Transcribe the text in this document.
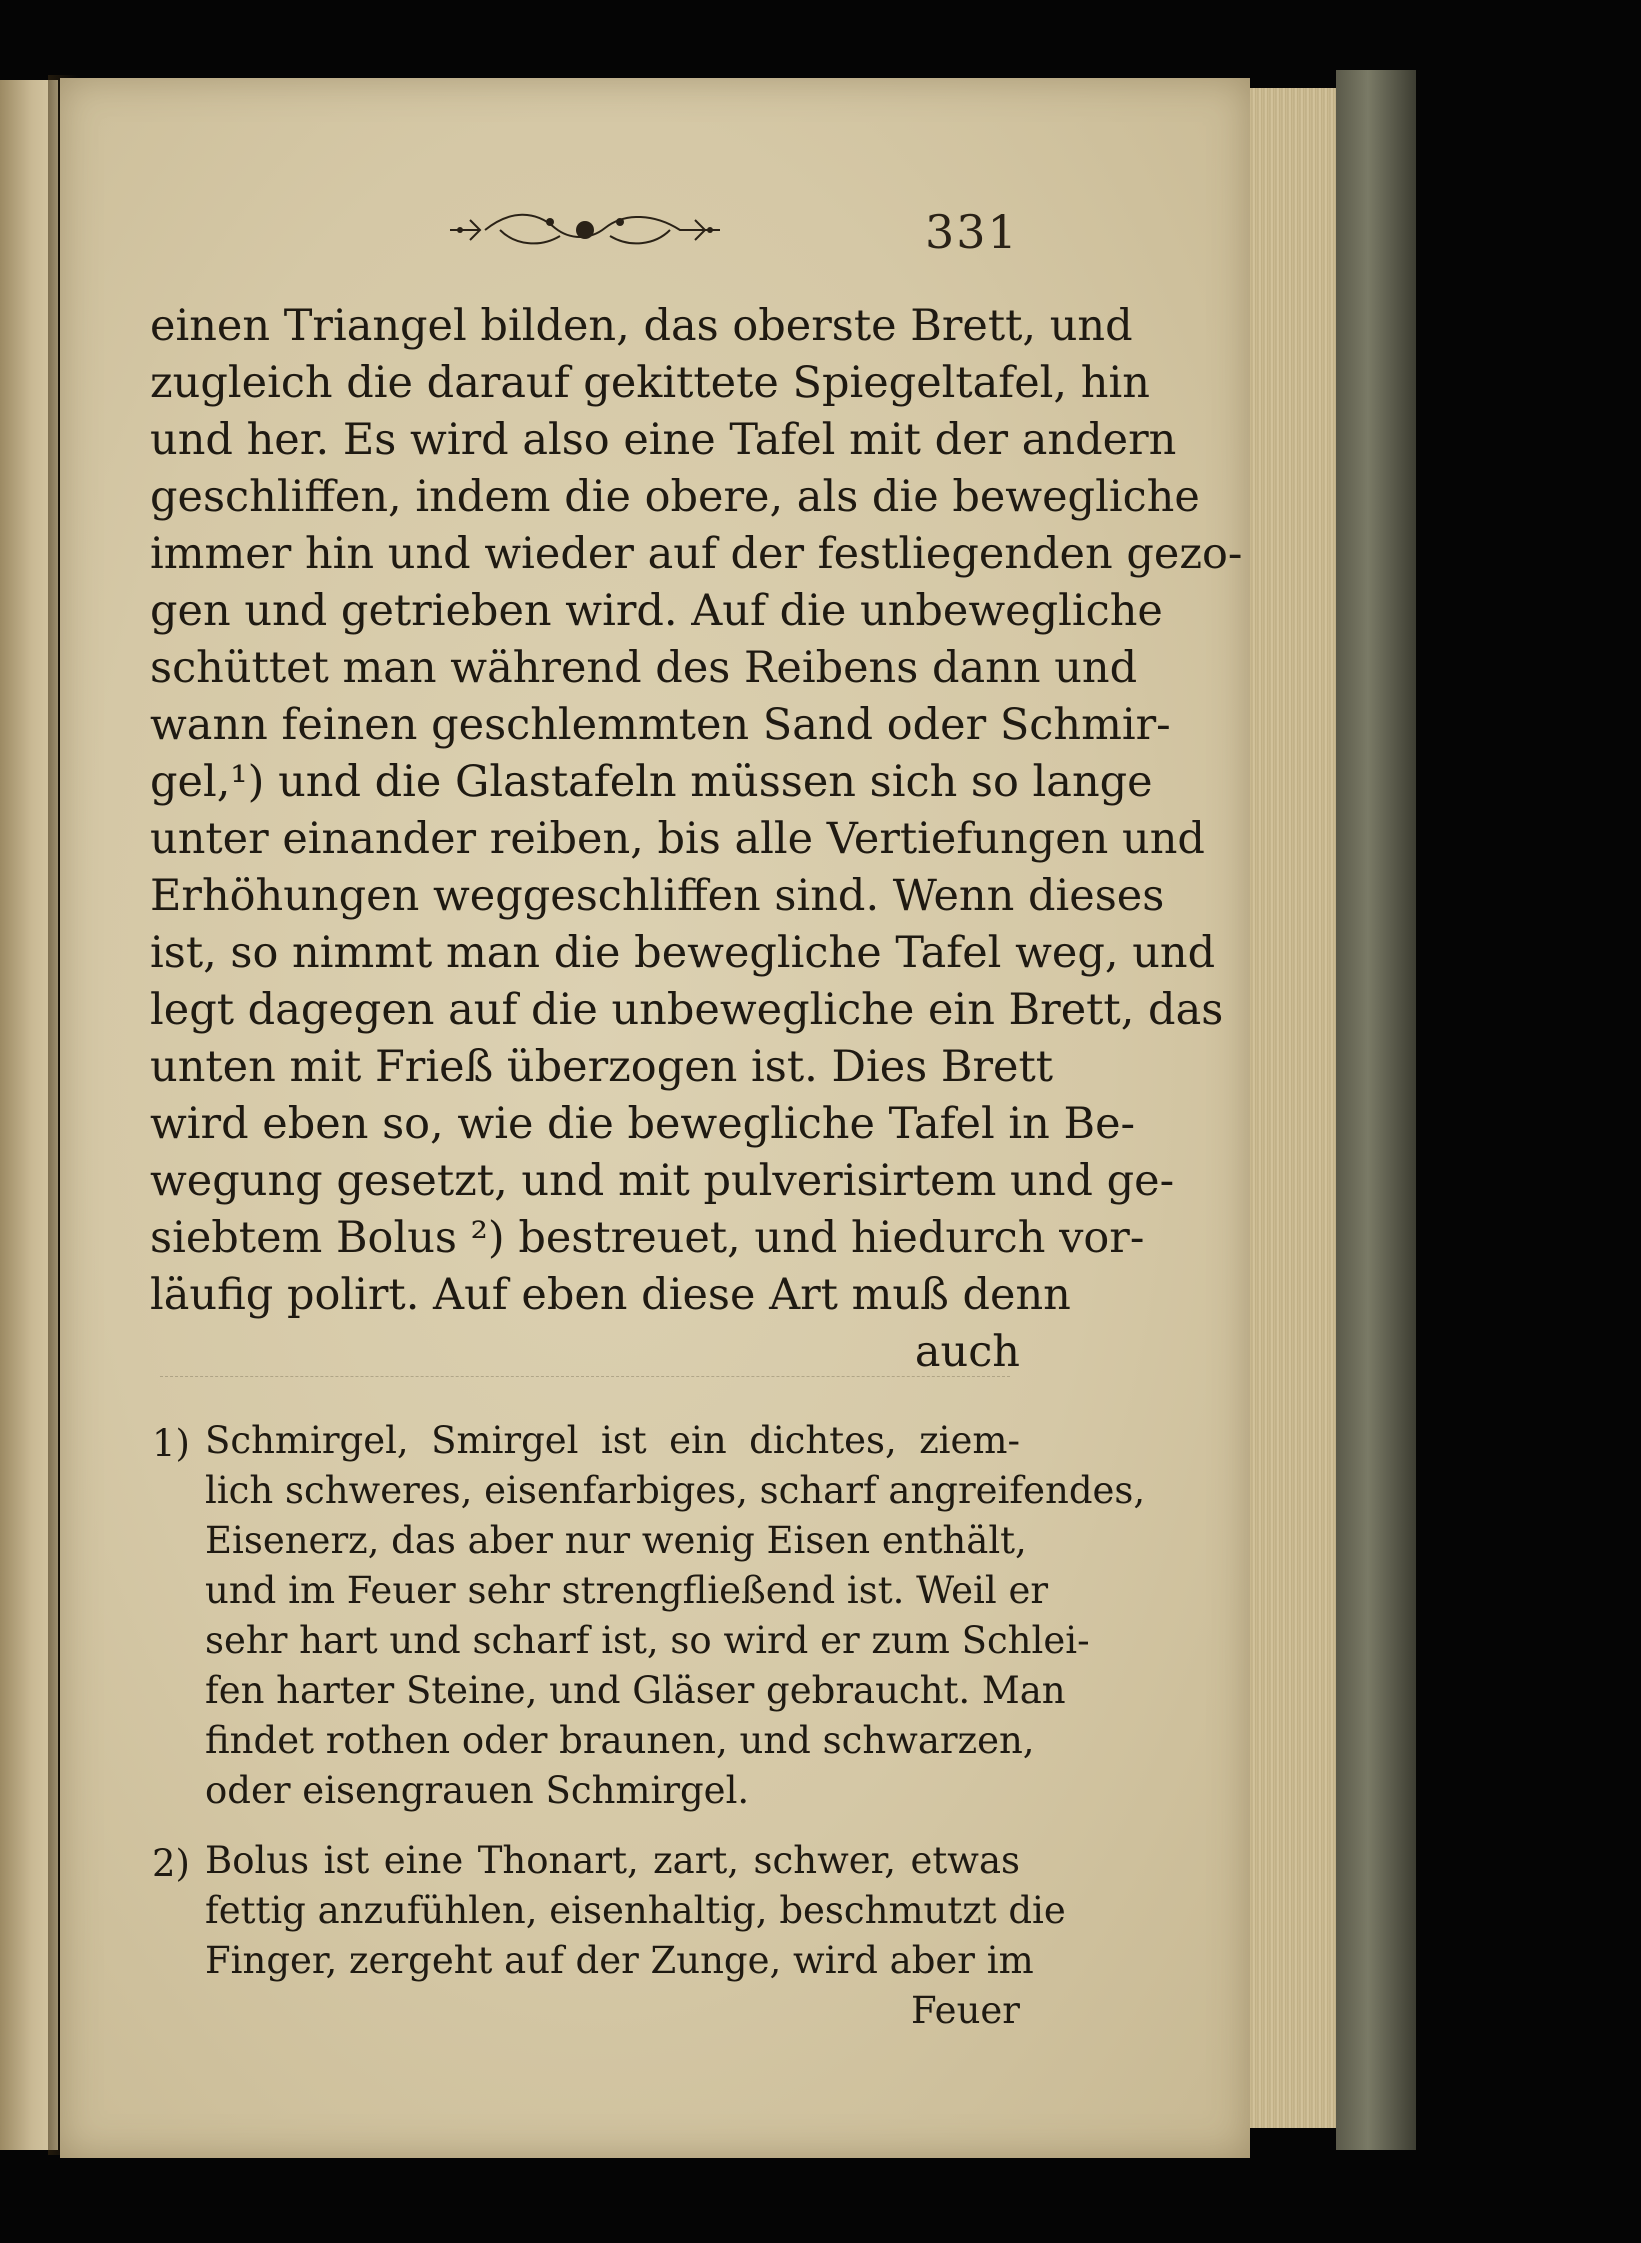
331
einen Triangel bilden, das oberste Brett, und
zugleich die darauf gekittete Spiegeltafel, hin
und her. Es wird also eine Tafel mit der andern
geschliffen, indem die obere, als die bewegliche
immer hin und wieder auf der festliegenden gezo-
gen und getrieben wird. Auf die unbewegliche
schüttet man während des Reibens dann und
wann feinen geschlemmten Sand oder Schmir-
gel,¹) und die Glastafeln müssen sich so lange
unter einander reiben, bis alle Vertiefungen und
Erhöhungen weggeschliffen sind. Wenn dieses
ist, so nimmt man die bewegliche Tafel weg, und
legt dagegen auf die unbewegliche ein Brett, das
unten mit Frieß überzogen ist. Dies Brett
wird eben so, wie die bewegliche Tafel in Be-
wegung gesetzt, und mit pulverisirtem und ge-
siebtem Bolus ²) bestreuet, und hiedurch vor-
läufig polirt. Auf eben diese Art muß denn
auch
1) Schmirgel, Smirgel ist ein dichtes, ziem-
lich schweres, eisenfarbiges, scharf angreifendes,
Eisenerz, das aber nur wenig Eisen enthält,
und im Feuer sehr strengfließend ist. Weil er
sehr hart und scharf ist, so wird er zum Schlei-
fen harter Steine, und Gläser gebraucht. Man
findet rothen oder braunen, und schwarzen,
oder eisengrauen Schmirgel.
2) Bolus ist eine Thonart, zart, schwer, etwas
fettig anzufühlen, eisenhaltig, beschmutzt die
Finger, zergeht auf der Zunge, wird aber im
Feuer
